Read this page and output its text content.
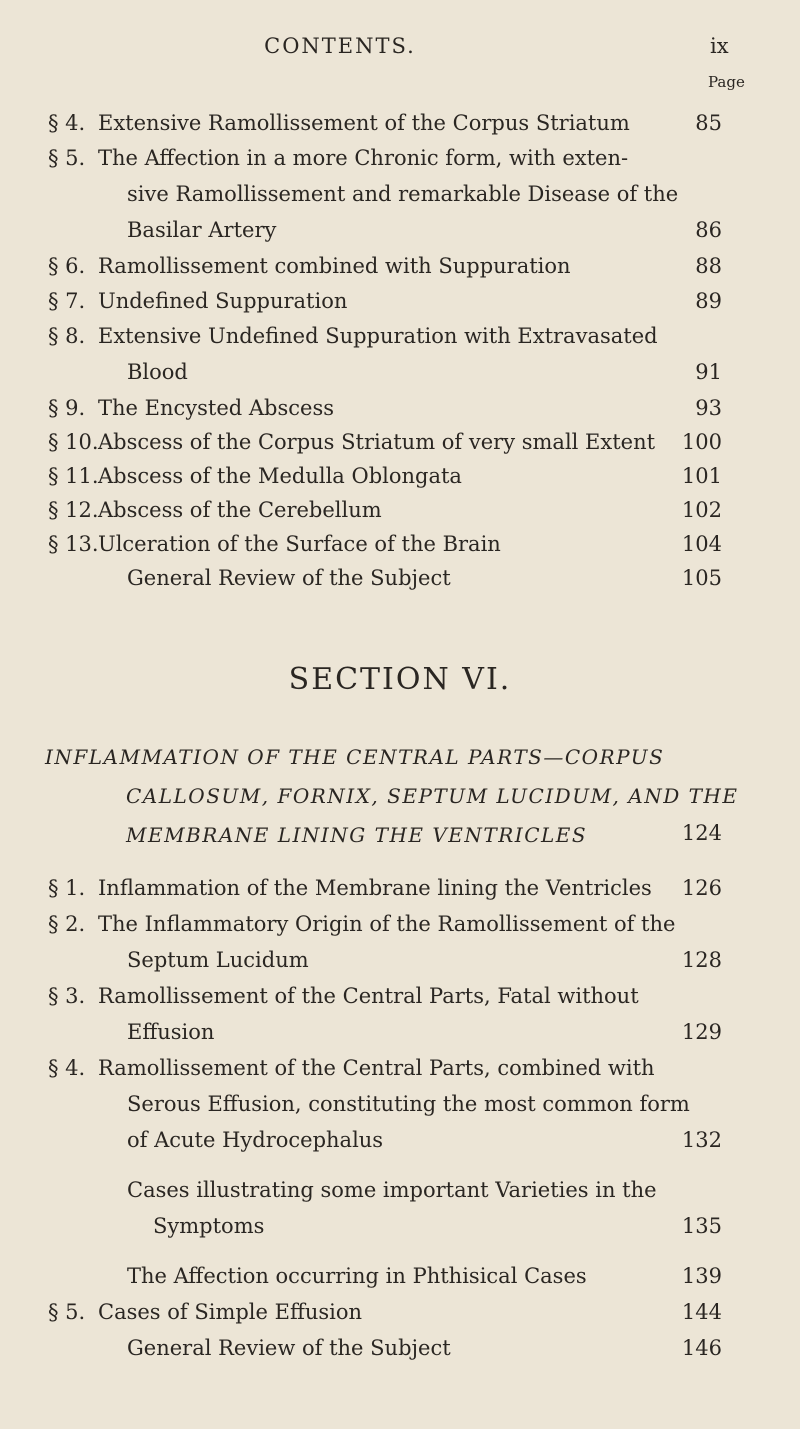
CONTENTS.	ix
Page
§ 4. Extensive Ramollissement of the Corpus Striatum	85
§ 5. The Affection in a more Chronic form, with exten-
sive Ramollissement and remarkable Disease of the
Basilar Artery	86
§ 6. Ramollissement combined with Suppuration	88
§ 7. Undefined Suppuration	89
§ 8. Extensive Undefined Suppuration with Extravasated
Blood	91
§ 9. The Encysted Abscess	93
§ 10. Abscess of the Corpus Striatum of very small Extent	100
§ 11. Abscess of the Medulla Oblongata	101
§ 12. Abscess of the Cerebellum	102
§ 13. Ulceration of the Surface of the Brain	104
General Review of the Subject	105
SECTION VI.
INFLAMMATION OF THE CENTRAL PARTS—CORPUS
CALLOSUM, FORNIX, SEPTUM LUCIDUM, AND THE
MEMBRANE LINING THE VENTRICLES	124
§ 1. Inflammation of the Membrane lining the Ventricles	126
§ 2. The Inflammatory Origin of the Ramollissement of the
Septum Lucidum	128
§ 3. Ramollissement of the Central Parts, Fatal without
Effusion	129
§ 4. Ramollissement of the Central Parts, combined with
Serous Effusion, constituting the most common form
of Acute Hydrocephalus	132
Cases illustrating some important Varieties in the
Symptoms	135
The Affection occurring in Phthisical Cases	139
§ 5. Cases of Simple Effusion	144
General Review of the Subject	146
